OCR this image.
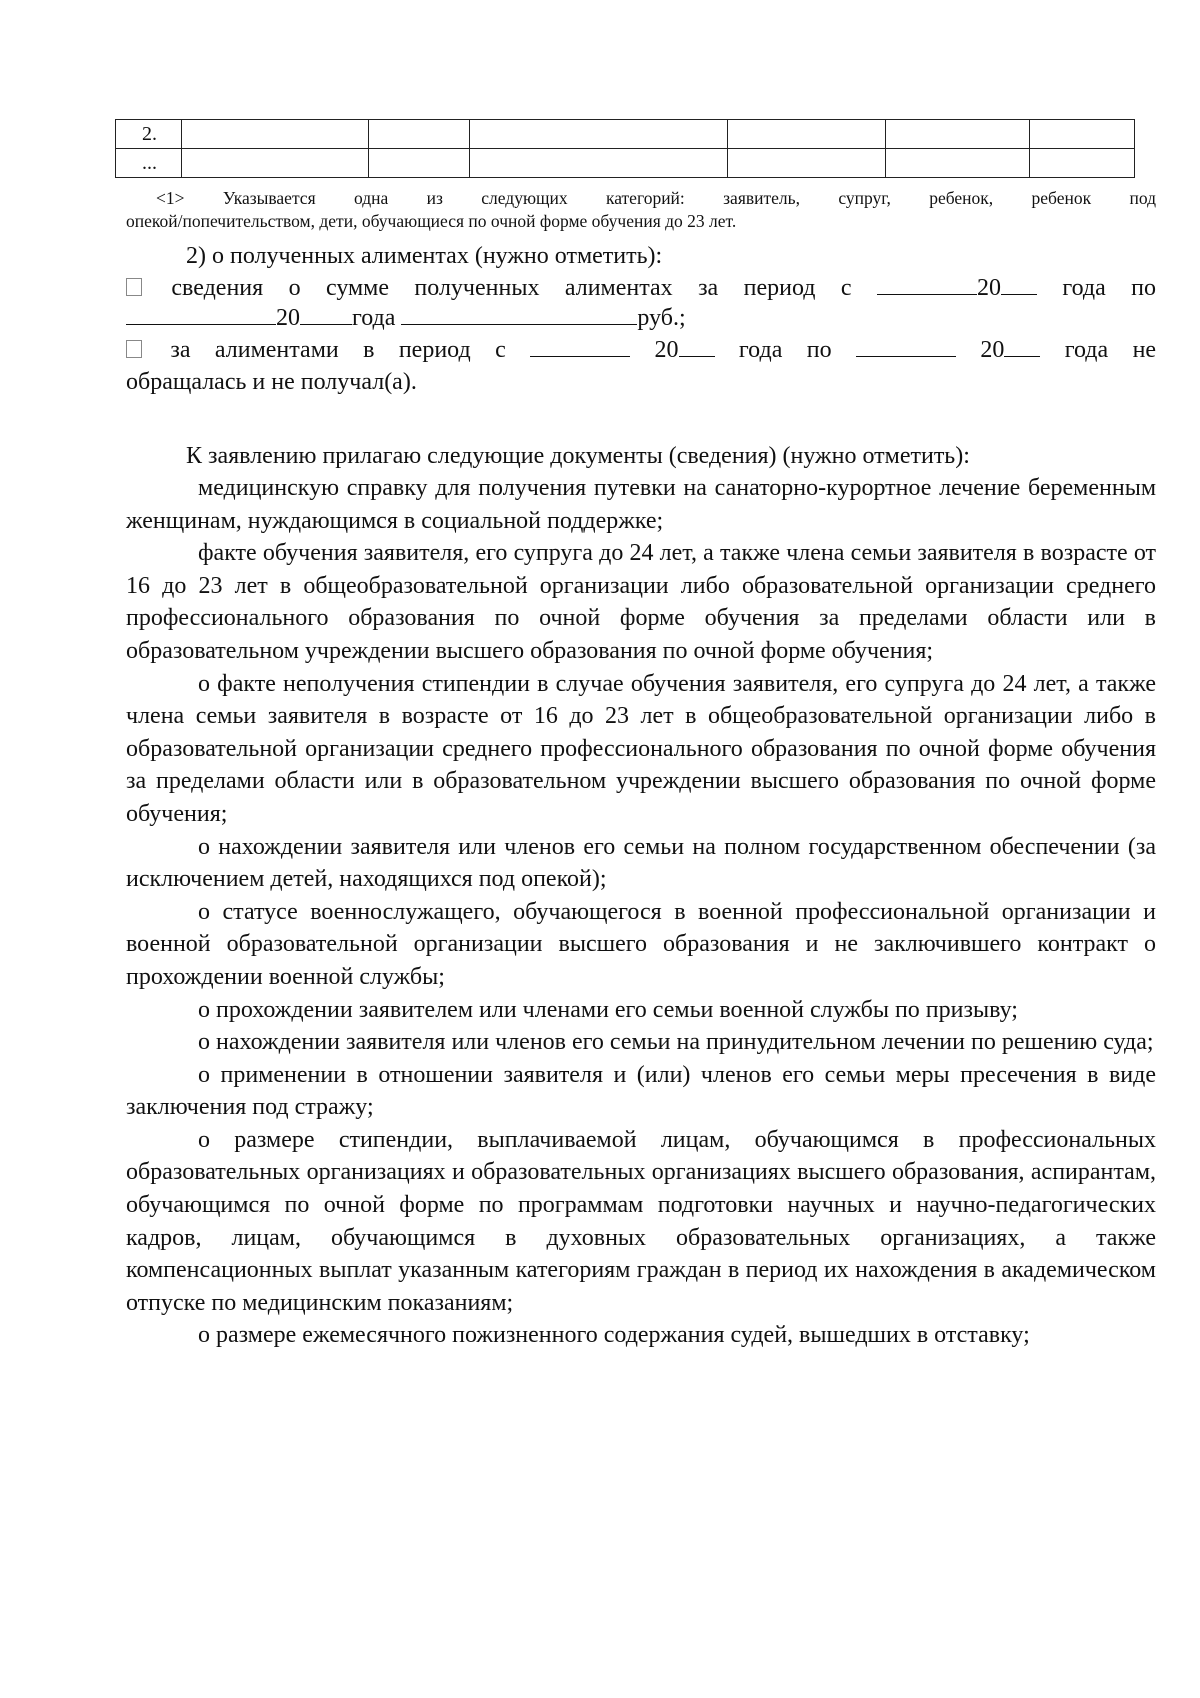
2.						
...						
<1> Указывается одна из следующих категорий: заявитель, супруг, ребенок, ребенок под
опекой/попечительством, дети, обучающиеся по очной форме обучения до 23 лет.
2) о полученных алиментах (нужно отметить):
сведения о сумме полученных алиментах за период с	20	года по
20 года	руб.;
за алиментами в период с	20	года по	20	года не
обращалась и не получал(а).
К заявлению прилагаю следующие документы (сведения) (нужно отметить):
медицинскую справку для получения путевки на санаторно-курортное лечение беременным женщинам, нуждающимся в социальной поддержке;
факте обучения заявителя, его супруга до 24 лет, а также члена семьи заявителя в возрасте от 16 до 23 лет в общеобразовательной организации либо образовательной организации среднего профессионального образования по очной форме обучения за пределами области или в образовательном учреждении высшего образования по очной форме обучения;
о факте неполучения стипендии в случае обучения заявителя, его супруга до 24 лет, а также члена семьи заявителя в возрасте от 16 до 23 лет в общеобразовательной организации либо в образовательной организации среднего профессионального образования по очной форме обучения за пределами области или в образовательном учреждении высшего образования по очной форме обучения;
о нахождении заявителя или членов его семьи на полном государственном обеспечении (за исключением детей, находящихся под опекой);
о статусе военнослужащего, обучающегося в военной профессиональной организации и военной образовательной организации высшего образования и не заключившего контракт о прохождении военной службы;
о прохождении заявителем или членами его семьи военной службы по призыву;
о нахождении заявителя или членов его семьи на принудительном лечении по решению суда;
о применении в отношении заявителя и (или) членов его семьи меры пресечения в виде заключения под стражу;
о размере стипендии, выплачиваемой лицам, обучающимся в профессиональных образовательных организациях и образовательных организациях высшего образования, аспирантам, обучающимся по очной форме по программам подготовки научных и научно-педагогических кадров, лицам, обучающимся в духовных образовательных организациях, а также компенсационных выплат указанным категориям граждан в период их нахождения в академическом отпуске по медицинским показаниям;
о размере ежемесячного пожизненного содержания судей, вышедших в отставку;
